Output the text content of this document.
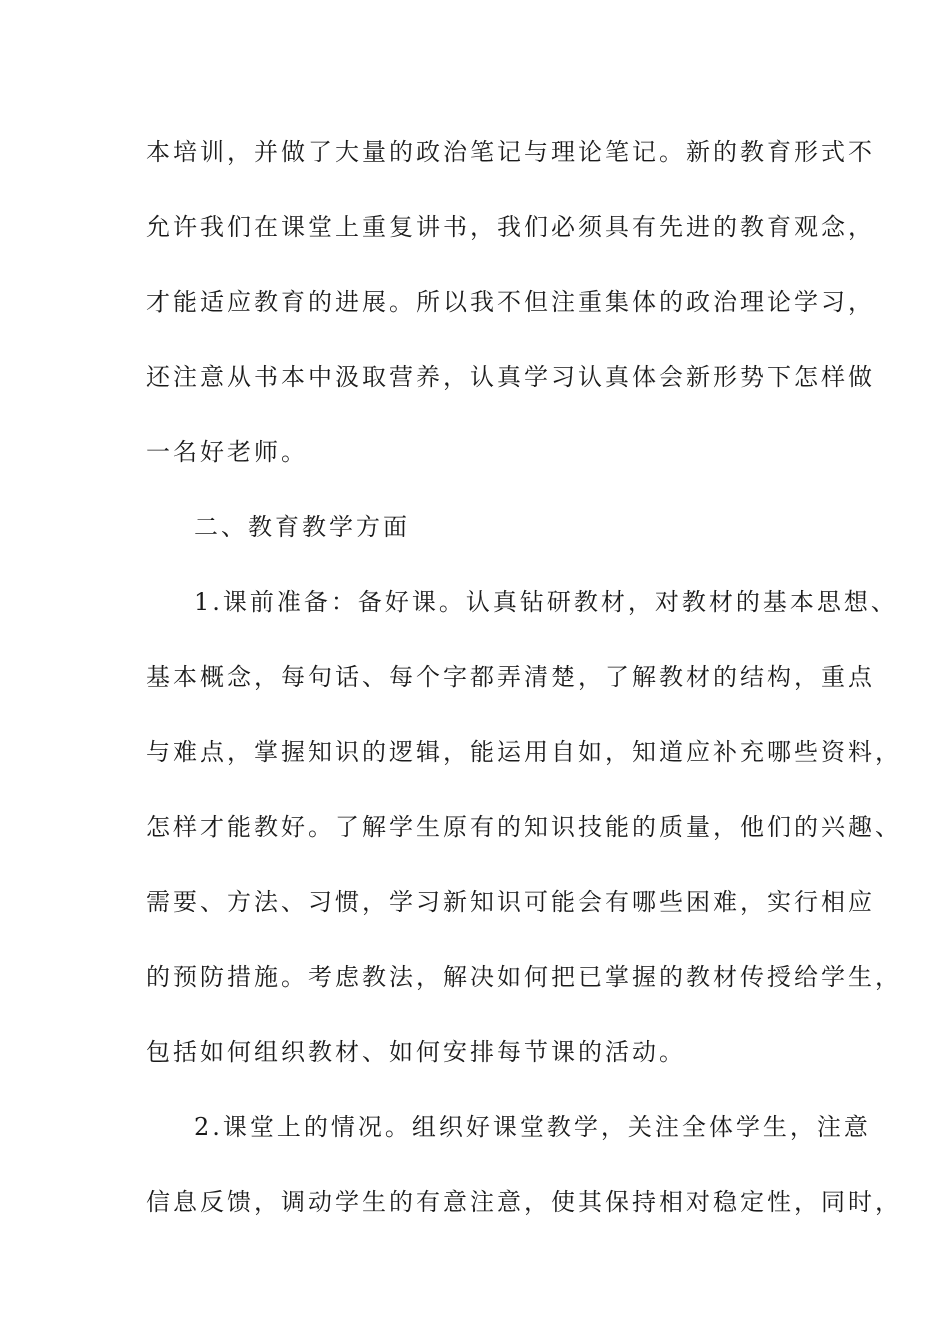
本培训，并做了大量的政治笔记与理论笔记。新的教育形式不
允许我们在课堂上重复讲书，我们必须具有先进的教育观念，
才能适应教育的进展。所以我不但注重集体的政治理论学习，
还注意从书本中汲取营养，认真学习认真体会新形势下怎样做
一名好老师。
二、教育教学方面
1.课前准备：备好课。认真钻研教材，对教材的基本思想、
基本概念，每句话、每个字都弄清楚，了解教材的结构，重点
与难点，掌握知识的逻辑，能运用自如，知道应补充哪些资料，
怎样才能教好。了解学生原有的知识技能的质量，他们的兴趣、
需要、方法、习惯，学习新知识可能会有哪些困难，实行相应
的预防措施。考虑教法，解决如何把已掌握的教材传授给学生，
包括如何组织教材、如何安排每节课的活动。
2.课堂上的情况。组织好课堂教学，关注全体学生，注意
信息反馈，调动学生的有意注意，使其保持相对稳定性，同时，
